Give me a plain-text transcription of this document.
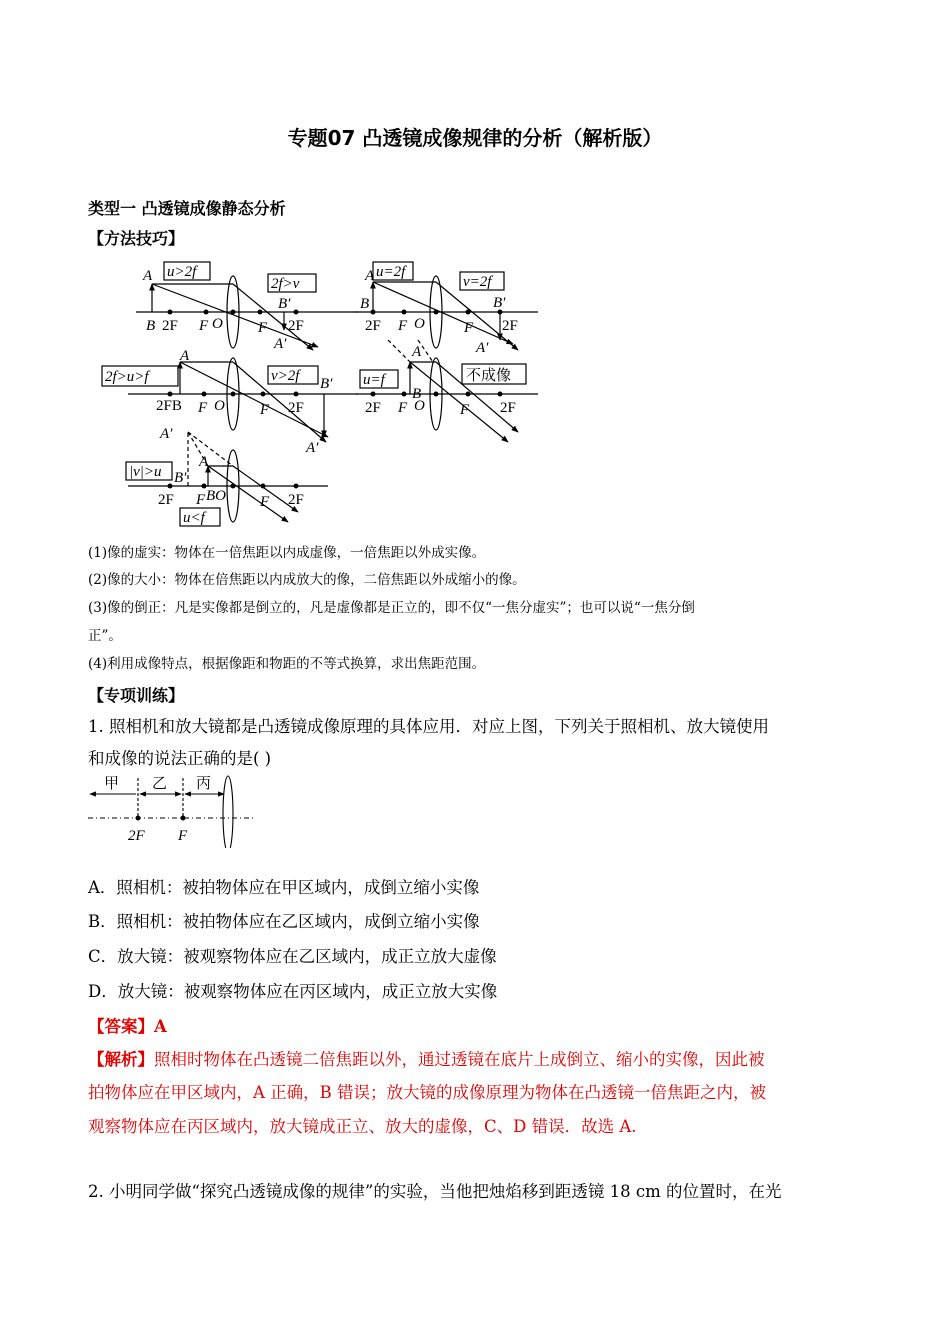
专题07 凸透镜成像规律的分析（解析版）
类型一 凸透镜成像静态分析
【方法技巧】
u>2f
2f>v
u=2f
v=2f
2f>u>f	v>2f	u=f	不成像
|v|>u
u<f
A
B 2F F O F 2F
B′
A′
A
B
2F F O	F 2F
B′
A′
A
2FB F O F 2F
B′
A′
A
B
2F F O F 2F
A′
B′
A
2F F BO F 2F
(1)像的虚实：物体在一倍焦距以内成虚像，一倍焦距以外成实像。
(2)像的大小：物体在倍焦距以内成放大的像，二倍焦距以外成缩小的像。
(3)像的倒正：凡是实像都是倒立的，凡是虚像都是正立的，即不仅“一焦分虚实”；也可以说“一焦分倒
正”。
(4)利用成像特点，根据像距和物距的不等式换算，求出焦距范围。
【专项训练】
1. 照相机和放大镜都是凸透镜成像原理的具体应用．对应上图，下列关于照相机、放大镜使用
和成像的说法正确的是( )
甲 乙 丙
2F F
A．照相机：被拍物体应在甲区域内，成倒立缩小实像
B．照相机：被拍物体应在乙区域内，成倒立缩小实像
C．放大镜：被观察物体应在乙区域内，成正立放大虚像
D．放大镜：被观察物体应在丙区域内，成正立放大实像
【答案】A
【解析】照相时物体在凸透镜二倍焦距以外，通过透镜在底片上成倒立、缩小的实像，因此被
拍物体应在甲区域内，A 正确，B 错误；放大镜的成像原理为物体在凸透镜一倍焦距之内，被
观察物体应在丙区域内，放大镜成正立、放大的虚像，C、D 错误．故选 A.
2. 小明同学做“探究凸透镜成像的规律”的实验，当他把烛焰移到距透镜 18 cm 的位置时，在光
